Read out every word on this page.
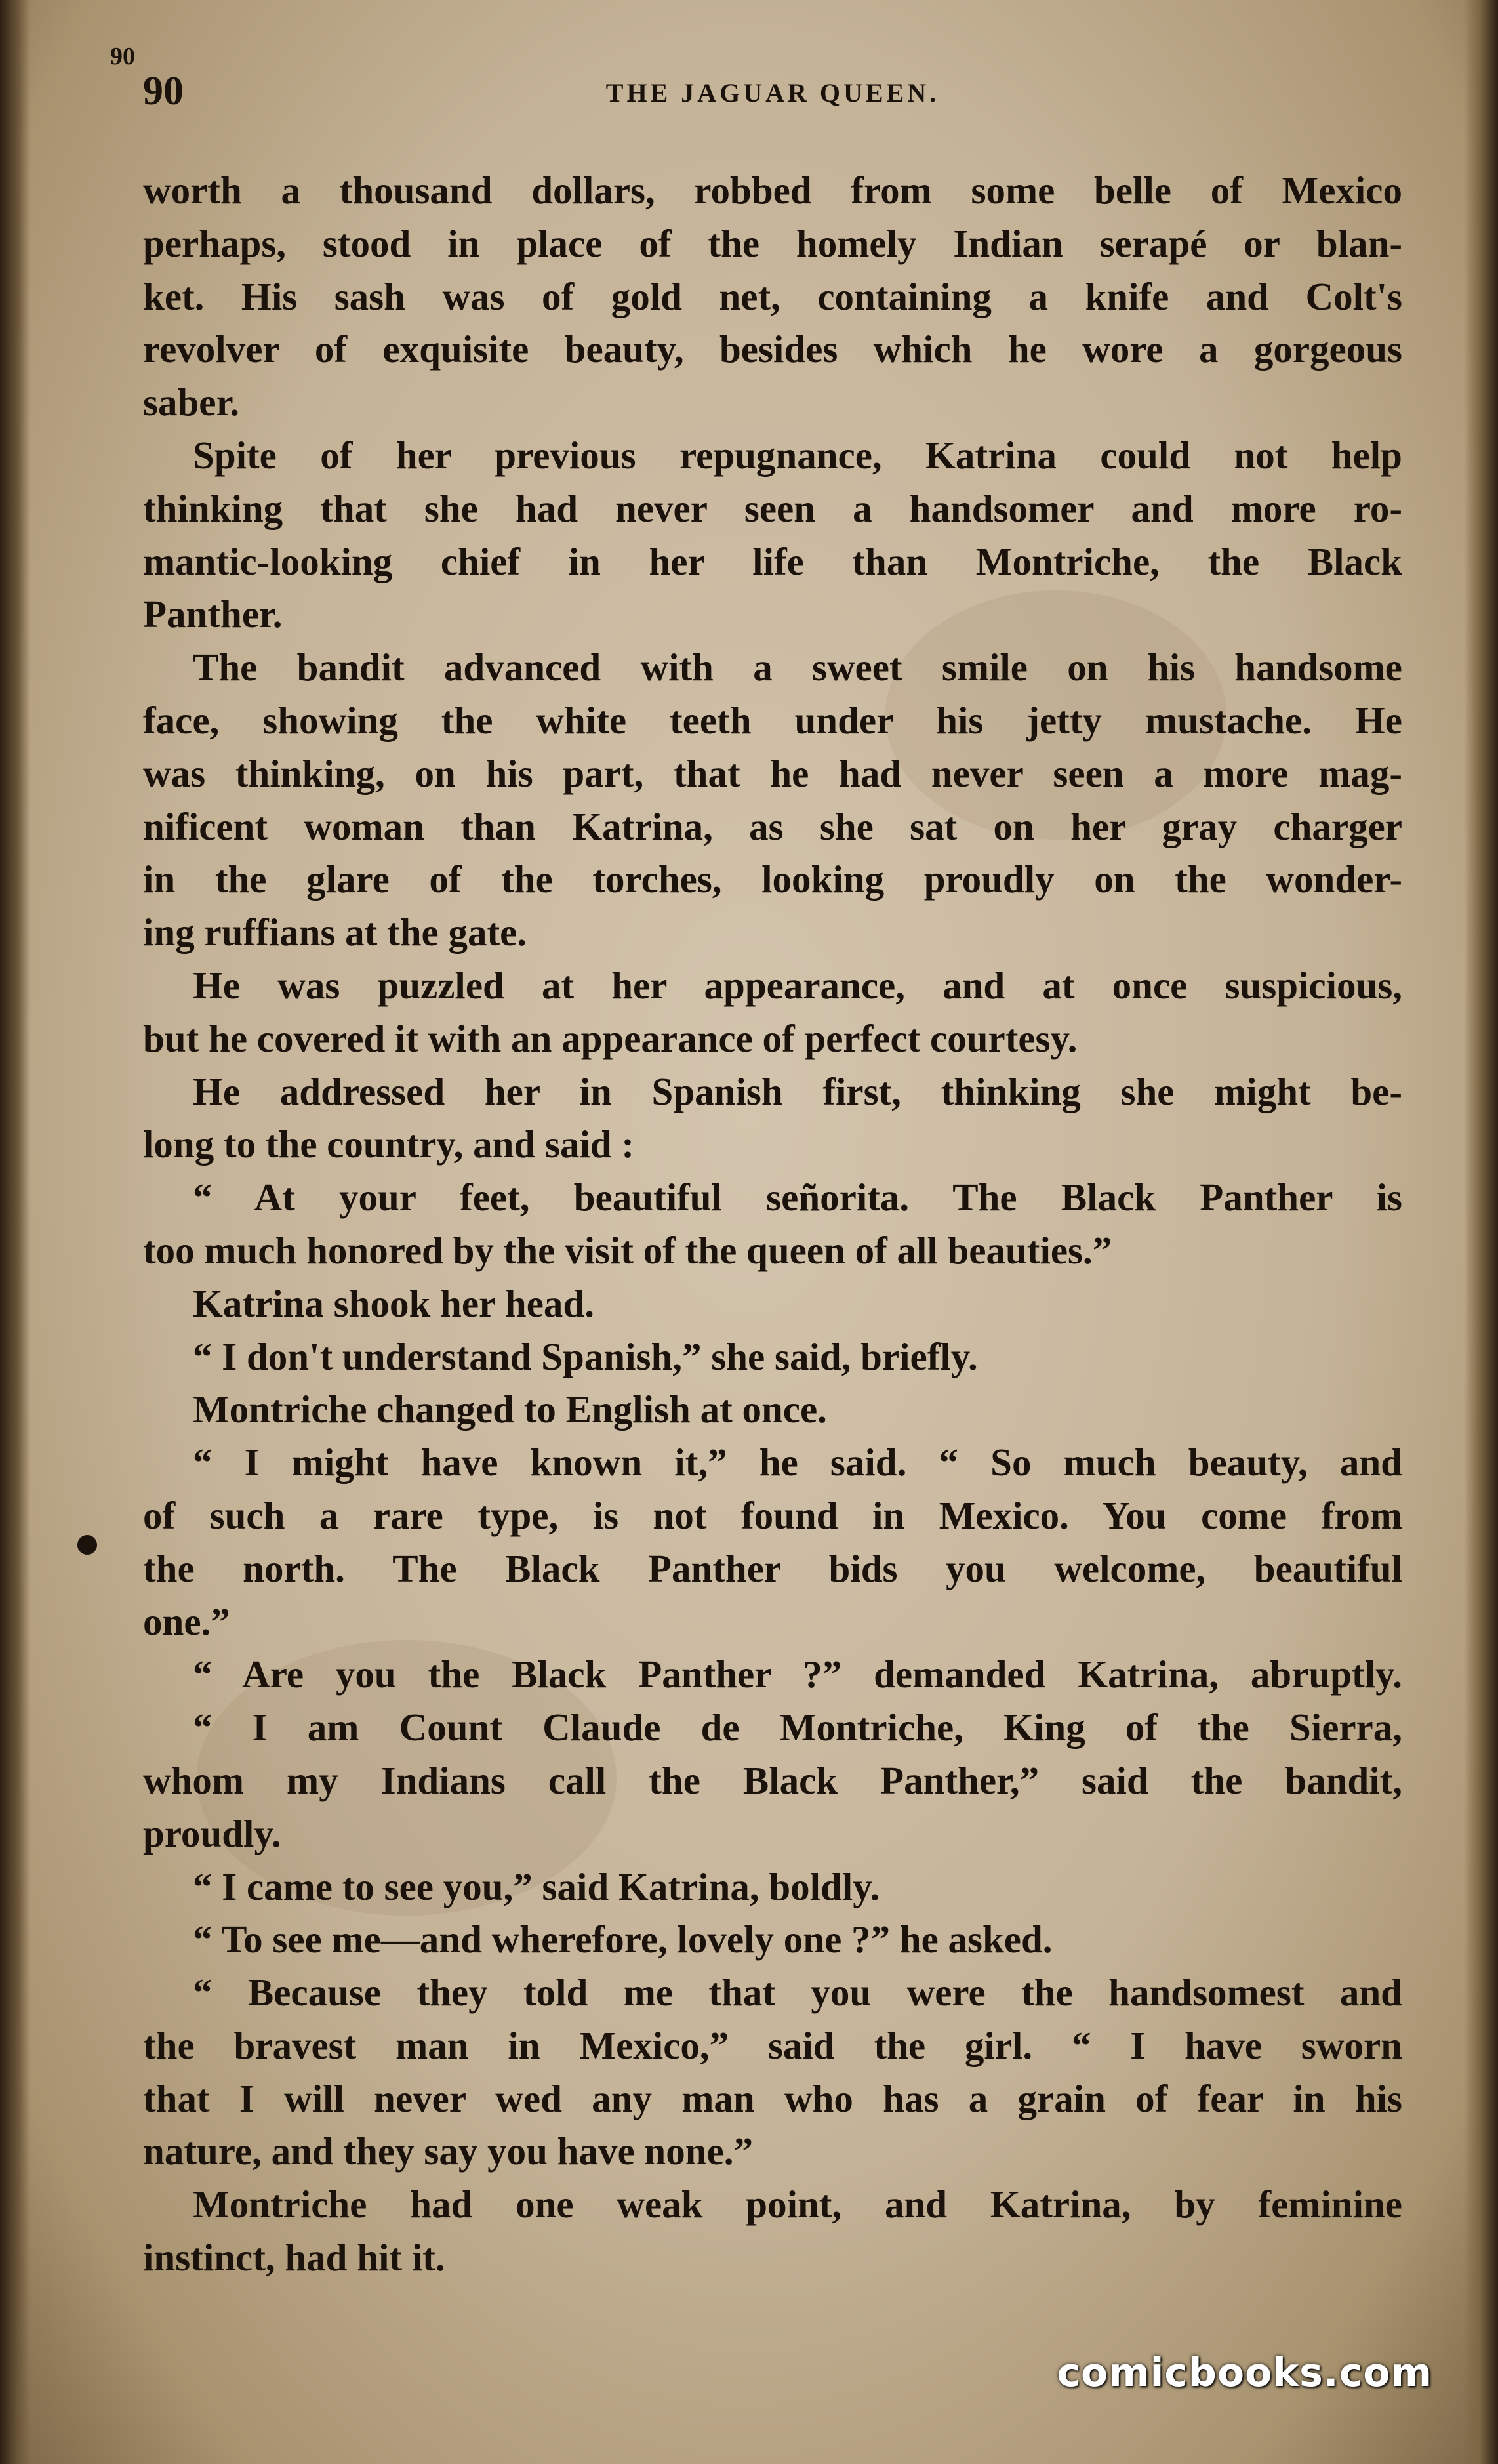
90
90	THE JAGUAR QUEEN.
worth a thousand dollars, robbed from some belle of Mexico
perhaps, stood in place of the homely Indian serapé or blan-
ket. His sash was of gold net, containing a knife and Colt's
revolver of exquisite beauty, besides which he wore a gorgeous
saber.
Spite of her previous repugnance, Katrina could not help
thinking that she had never seen a handsomer and more ro-
mantic-looking chief in her life than Montriche, the Black
Panther.
The bandit advanced with a sweet smile on his handsome
face, showing the white teeth under his jetty mustache. He
was thinking, on his part, that he had never seen a more mag-
nificent woman than Katrina, as she sat on her gray charger
in the glare of the torches, looking proudly on the wonder-
ing ruffians at the gate.
He was puzzled at her appearance, and at once suspicious,
but he covered it with an appearance of perfect courtesy.
He addressed her in Spanish first, thinking she might be-
long to the country, and said :
“ At your feet, beautiful señorita. The Black Panther is
too much honored by the visit of the queen of all beauties.”
Katrina shook her head.
“ I don't understand Spanish,” she said, briefly.
Montriche changed to English at once.
“ I might have known it,” he said. “ So much beauty, and
of such a rare type, is not found in Mexico. You come from
the north. The Black Panther bids you welcome, beautiful
one.”
“ Are you the Black Panther ?” demanded Katrina, abruptly.
“ I am Count Claude de Montriche, King of the Sierra,
whom my Indians call the Black Panther,” said the bandit,
proudly.
“ I came to see you,” said Katrina, boldly.
“ To see me—and wherefore, lovely one ?” he asked.
“ Because they told me that you were the handsomest and
the bravest man in Mexico,” said the girl. “ I have sworn
that I will never wed any man who has a grain of fear in his
nature, and they say you have none.”
Montriche had one weak point, and Katrina, by feminine
instinct, had hit it.
comicbooks.com
